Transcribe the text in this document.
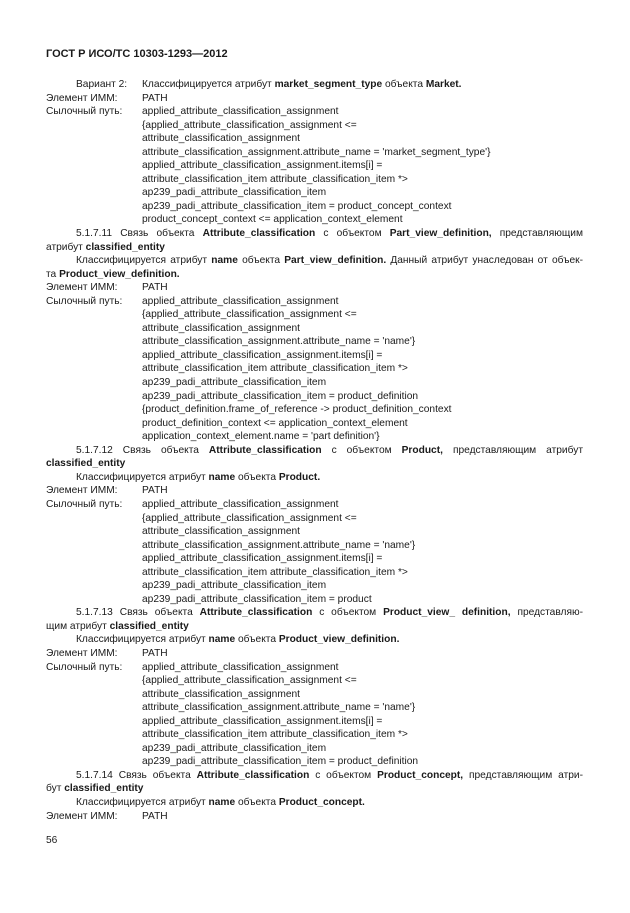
ГОСТ Р ИСО/ТС 10303-1293—2012
Вариант 2: Классифицируется атрибут market_segment_type объекта Market.
Элемент ИММ: PATH
Сылочный путь: applied_attribute_classification_assignment
{applied_attribute_classification_assignment <=
attribute_classification_assignment
attribute_classification_assignment.attribute_name = 'market_segment_type'}
applied_attribute_classification_assignment.items[i] =
attribute_classification_item attribute_classification_item *>
ap239_padi_attribute_classification_item
ap239_padi_attribute_classification_item = product_concept_context
product_concept_context <= application_context_element
5.1.7.11 Связь объекта Attribute_classification с объектом Part_view_definition, представляющим
атрибут classified_entity
Классифицируется атрибут name объекта Part_view_definition. Данный атрибут унаследован от объек-
та Product_view_definition.
Элемент ИММ: PATH
Сылочный путь: applied_attribute_classification_assignment
{applied_attribute_classification_assignment <=
attribute_classification_assignment
attribute_classification_assignment.attribute_name = 'name'}
applied_attribute_classification_assignment.items[i] =
attribute_classification_item attribute_classification_item *>
ap239_padi_attribute_classification_item
ap239_padi_attribute_classification_item = product_definition
{product_definition.frame_of_reference -> product_definition_context
product_definition_context <= application_context_element
application_context_element.name = 'part definition'}
5.1.7.12 Связь объекта Attribute_classification с объектом Product, представляющим атрибут
classified_entity
Классифицируется атрибут name объекта Product.
Элемент ИММ: PATH
Сылочный путь: applied_attribute_classification_assignment
{applied_attribute_classification_assignment <=
attribute_classification_assignment
attribute_classification_assignment.attribute_name = 'name'}
applied_attribute_classification_assignment.items[i] =
attribute_classification_item attribute_classification_item *>
ap239_padi_attribute_classification_item
ap239_padi_attribute_classification_item = product
5.1.7.13 Связь объекта Attribute_classification с объектом Product_view_ definition, представляю-
щим атрибут classified_entity
Классифицируется атрибут name объекта Product_view_definition.
Элемент ИММ: PATH
Сылочный путь: applied_attribute_classification_assignment
{applied_attribute_classification_assignment <=
attribute_classification_assignment
attribute_classification_assignment.attribute_name = 'name'}
applied_attribute_classification_assignment.items[i] =
attribute_classification_item attribute_classification_item *>
ap239_padi_attribute_classification_item
ap239_padi_attribute_classification_item = product_definition
5.1.7.14 Связь объекта Attribute_classification с объектом Product_concept, представляющим атри-
бут classified_entity
Классифицируется атрибут name объекта Product_concept.
Элемент ИММ: PATH
56
